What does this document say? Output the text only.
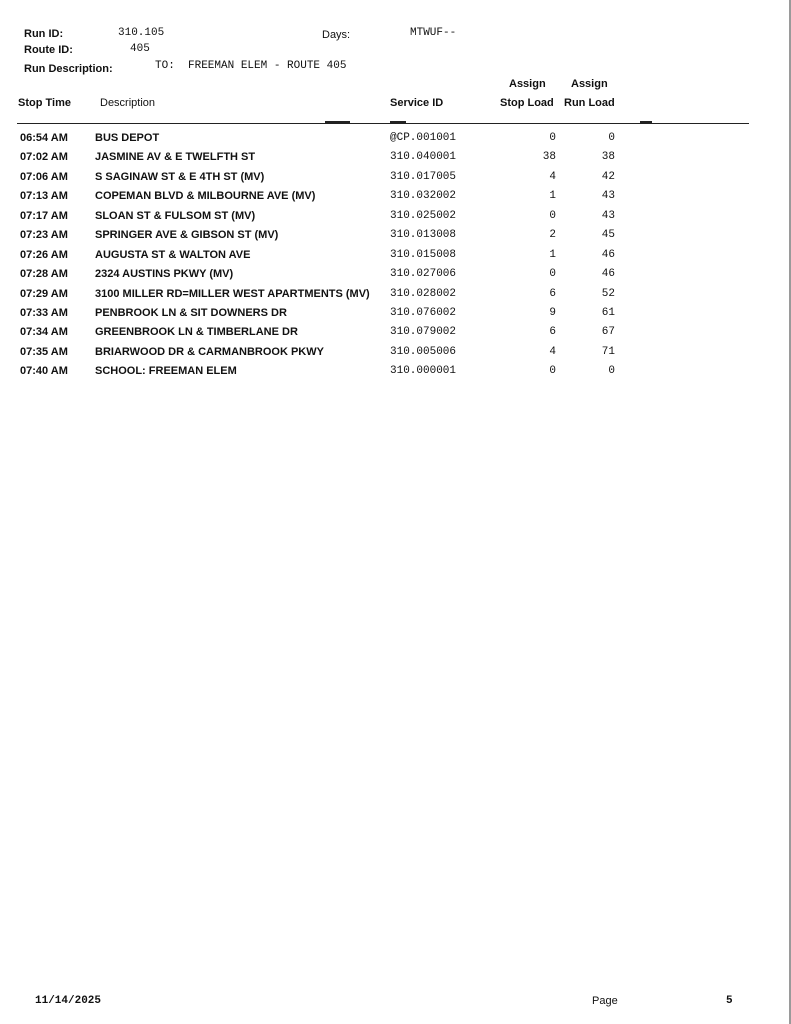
Run ID:	310.105	Days:	MTWUF--
Route ID:	405
Run Description:	TO:  FREEMAN ELEM - ROUTE 405
Stop Time	Description	Service ID
Assign
Stop Load
Assign
Run Load
06:54 AM BUS DEPOT	@CP.001001	0	0
07:02 AM JASMINE AV & E TWELFTH ST	310.040001	38	38
07:06 AM S SAGINAW ST & E 4TH ST (MV)	310.017005	4	42
07:13 AM COPEMAN BLVD & MILBOURNE AVE (MV)	310.032002	1	43
07:17 AM SLOAN ST & FULSOM ST (MV)	310.025002	0	43
07:23 AM SPRINGER AVE & GIBSON ST (MV)	310.013008	2	45
07:26 AM AUGUSTA ST & WALTON AVE	310.015008	1	46
07:28 AM 2324 AUSTINS PKWY (MV)	310.027006	0	46
07:29 AM 3100 MILLER RD=MILLER WEST APARTMENTS (MV) 310.028002	6	52
07:33 AM PENBROOK LN & SIT DOWNERS DR	310.076002	9	61
07:34 AM GREENBROOK LN & TIMBERLANE DR	310.079002	6	67
07:35 AM BRIARWOOD DR & CARMANBROOK PKWY	310.005006	4	71
07:40 AM SCHOOL: FREEMAN ELEM	310.000001	0	0
11/14/2025	Page	5
